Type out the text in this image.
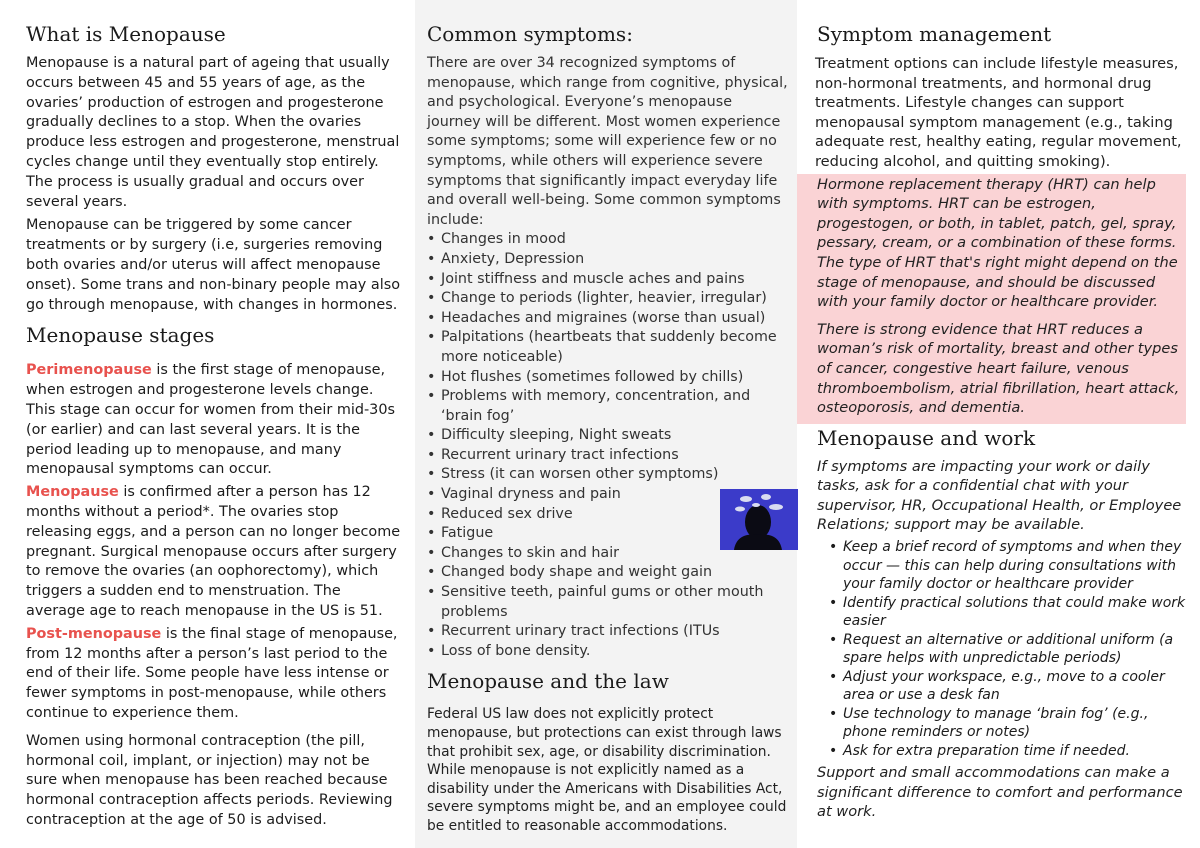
What is Menopause

Menopause is a natural part of ageing that usually occurs between 45 and 55 years of age, as the ovaries’ production of estrogen and progesterone gradually declines to a stop. When the ovaries produce less estrogen and progesterone, menstrual cycles change until they eventually stop entirely. The process is usually gradual and occurs over several years.

Menopause can be triggered by some cancer treatments or by surgery (i.e, surgeries removing both ovaries and/or uterus will affect menopause onset). Some trans and non-binary people may also go through menopause, with changes in hormones.

Menopause stages

Perimenopause is the first stage of menopause, when estrogen and progesterone levels change. This stage can occur for women from their mid-30s (or earlier) and can last several years. It is the period leading up to menopause, and many menopausal symptoms can occur.

Menopause is confirmed after a person has 12 months without a period*. The ovaries stop releasing eggs, and a person can no longer become pregnant. Surgical menopause occurs after surgery to remove the ovaries (an oophorectomy), which triggers a sudden end to menstruation. The average age to reach menopause in the US is 51.

Post-menopause is the final stage of menopause, from 12 months after a person’s last period to the end of their life. Some people have less intense or fewer symptoms in post-menopause, while others continue to experience them.

Women using hormonal contraception (the pill, hormonal coil, implant, or injection) may not be sure when menopause has been reached because hormonal contraception affects periods. Reviewing contraception at the age of 50 is advised.

Common symptoms:

There are over 34 recognized symptoms of menopause, which range from cognitive, physical, and psychological. Everyone’s menopause journey will be different. Most women experience some symptoms; some will experience few or no symptoms, while others will experience severe symptoms that significantly impact everyday life and overall well-being. Some common symptoms include:

• Changes in mood
• Anxiety, Depression
• Joint stiffness and muscle aches and pains
• Change to periods (lighter, heavier, irregular)
• Headaches and migraines (worse than usual)
• Palpitations (heartbeats that suddenly become more noticeable)
• Hot flushes (sometimes followed by chills)
• Problems with memory, concentration, and ‘brain fog’
• Difficulty sleeping, Night sweats
• Recurrent urinary tract infections
• Stress (it can worsen other symptoms)
• Vaginal dryness and pain
• Reduced sex drive
• Fatigue
• Changes to skin and hair
• Changed body shape and weight gain
• Sensitive teeth, painful gums or other mouth problems
• Recurrent urinary tract infections (ITUs
• Loss of bone density.
Menopause and the law

Federal US law does not explicitly protect menopause, but protections can exist through laws that prohibit sex, age, or disability discrimination. While menopause is not explicitly named as a disability under the Americans with Disabilities Act, severe symptoms might be, and an employee could be entitled to reasonable accommodations.

Symptom management

Treatment options can include lifestyle measures, non-hormonal treatments, and hormonal drug treatments. Lifestyle changes can support menopausal symptom management (e.g., taking adequate rest, healthy eating, regular movement, reducing alcohol, and quitting smoking).

Hormone replacement therapy (HRT) can help with symptoms. HRT can be estrogen, progestogen, or both, in tablet, patch, gel, spray, pessary, cream, or a combination of these forms. The type of HRT that's right might depend on the stage of menopause, and should be discussed with your family doctor or healthcare provider.

There is strong evidence that HRT reduces a woman’s risk of mortality, breast and other types of cancer, congestive heart failure, venous thromboembolism, atrial fibrillation, heart attack, osteoporosis, and dementia.

Menopause and work

If symptoms are impacting your work or daily tasks, ask for a confidential chat with your supervisor, HR, Occupational Health, or Employee Relations; support may be available.

• Keep a brief record of symptoms and when they occur — this can help during consultations with your family doctor or healthcare provider
• Identify practical solutions that could make work easier
• Request an alternative or additional uniform (a spare helps with unpredictable periods)
• Adjust your workspace, e.g., move to a cooler area or use a desk fan
• Use technology to manage ‘brain fog’ (e.g., phone reminders or notes)
• Ask for extra preparation time if needed.

Support and small accommodations can make a significant difference to comfort and performance at work.
